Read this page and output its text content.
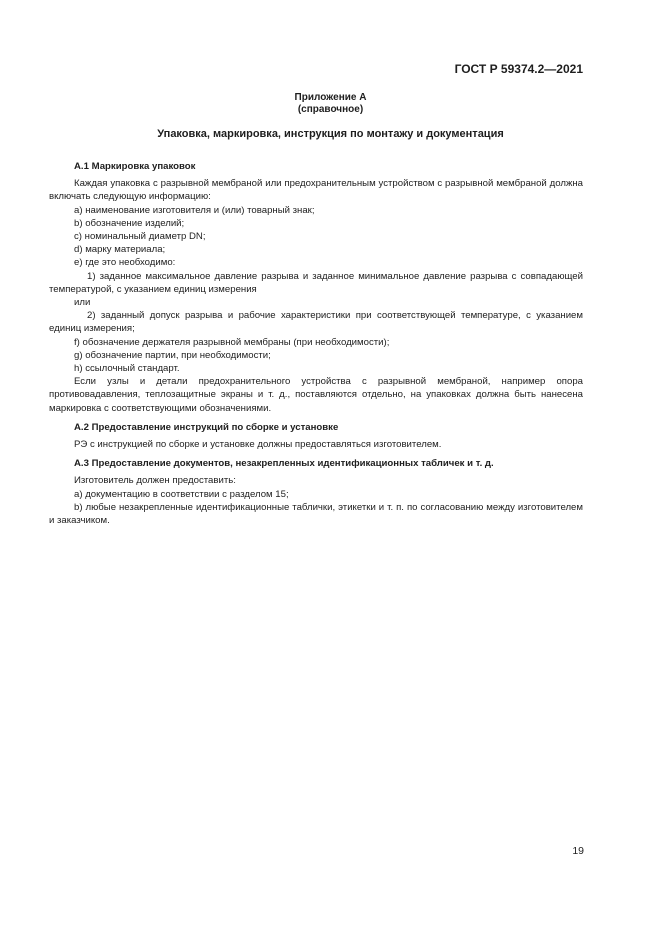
ГОСТ Р 59374.2—2021
Приложение А
(справочное)
Упаковка, маркировка, инструкция по монтажу и документация

А.1 Маркировка упаковок

Каждая упаковка с разрывной мембраной или предохранительным устройством с разрывной мембраной должна включать следующую информацию:

a) наименование изготовителя и (или) товарный знак;

b) обозначение изделий;

c) номинальный диаметр DN;

d) марку материала;

e) где это необходимо:

1) заданное максимальное давление разрыва и заданное минимальное давление разрыва с совпадающей температурой, с указанием единиц измерения

или

2) заданный допуск разрыва и рабочие характеристики при соответствующей температуре, с указанием единиц измерения;

f) обозначение держателя разрывной мембраны (при необходимости);

g) обозначение партии, при необходимости;

h) ссылочный стандарт.

Если узлы и детали предохранительного устройства с разрывной мембраной, например опора противовадавления, теплозащитные экраны и т. д., поставляются отдельно, на упаковках должна быть нанесена маркировка с соответствующими обозначениями.

А.2 Предоставление инструкций по сборке и установке

РЭ с инструкцией по сборке и установке должны предоставляться изготовителем.

А.3 Предоставление документов, незакрепленных идентификационных табличек и т. д.

Изготовитель должен предоставить:

а) документацию в соответствии с разделом 15;

b) любые незакрепленные идентификационные таблички, этикетки и т. п. по согласованию между изготовителем и заказчиком.

19
